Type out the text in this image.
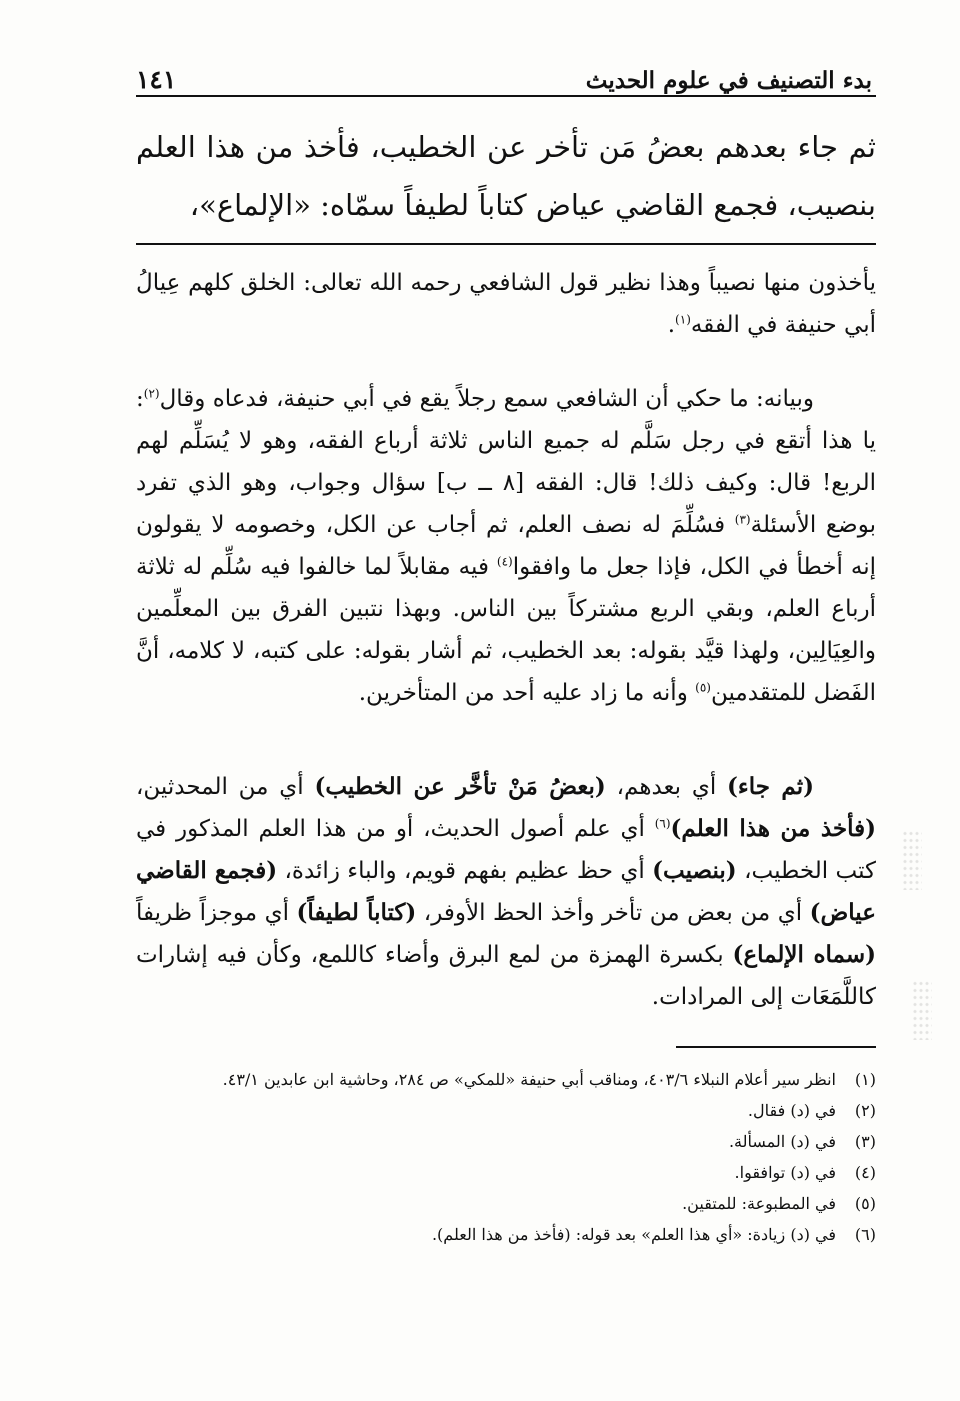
بدء التصنيف في علوم الحديث
١٤١
ثم جاء بعدهم بعضُ مَن تأخر عن الخطيب، فأخذ من هذا العلم بنصيب، فجمع القاضي عياض كتاباً لطيفاً سمّاه: «الإلماع»،

يأخذون منها نصيباً وهذا نظير قول الشافعي رحمه الله تعالى: الخلق كلهم عِيالُ أبي حنيفة في الفقه$^{(١)}$.

وبيانه: ما حكي أن الشافعي سمع رجلاً يقع في أبي حنيفة، فدعاه وقال$^{(٢)}$: يا هذا أتقع في رجل سَلَّم له جميع الناس ثلاثة أرباع الفقه، وهو لا يُسَلِّم لهم الربع! قال: وكيف ذلك! قال: الفقه [٨ ــ ب] سؤال وجواب، وهو الذي تفرد بوضع الأسئلة$^{(٣)}$ فسُلِّمَ له نصف العلم، ثم أجاب عن الكل، وخصومه لا يقولون إنه أخطأ في الكل، فإذا جعل ما وافقوا$^{(٤)}$ فيه مقابلاً لما خالفوا فيه سُلِّم له ثلاثة أرباع العلم، وبقي الربع مشتركاً بين الناس. وبهذا نتبين الفرق بين المعلِّمين والعِيَالِين، ولهذا قيَّد بقوله: بعد الخطيب، ثم أشار بقوله: على كتبه، لا كلامه، أنَّ الفَضل للمتقدمين$^{(٥)}$ وأنه ما زاد عليه أحد من المتأخرين.

(ثم جاء) أي بعدهم، (بعضُ مَنْ تأخَّر عن الخطيب) أي من المحدثين، (فأخذ من هذا العلم)$^{(٦)}$ أي علم أصول الحديث، أو من هذا العلم المذكور في كتب الخطيب، (بنصيب) أي حظ عظيم بفهم قويم، والباء زائدة، (فجمع القاضي عياض) أي من بعض من تأخر وأخذ الحظ الأوفر، (كتاباً لطيفاً) أي موجزاً ظريفاً (سماه الإلماع) بكسرة الهمزة من لمع البرق وأضاء كاللمع، وكأن فيه إشارات كاللَّمَعَات إلى المرادات.

(١)انظر سير أعلام النبلاء ٤٠٣/٦، ومناقب أبي حنيفة «للمكي» ص ٢٨٤، وحاشية ابن عابدين ٤٣/١.
(٢)في (د) فقال.
(٣)في (د) المسألة.
(٤)في (د) توافقوا.
(٥)في المطبوعة: للمتقين.
(٦)في (د) زيادة: «أي هذا العلم» بعد قوله: (فأخذ من هذا العلم).
